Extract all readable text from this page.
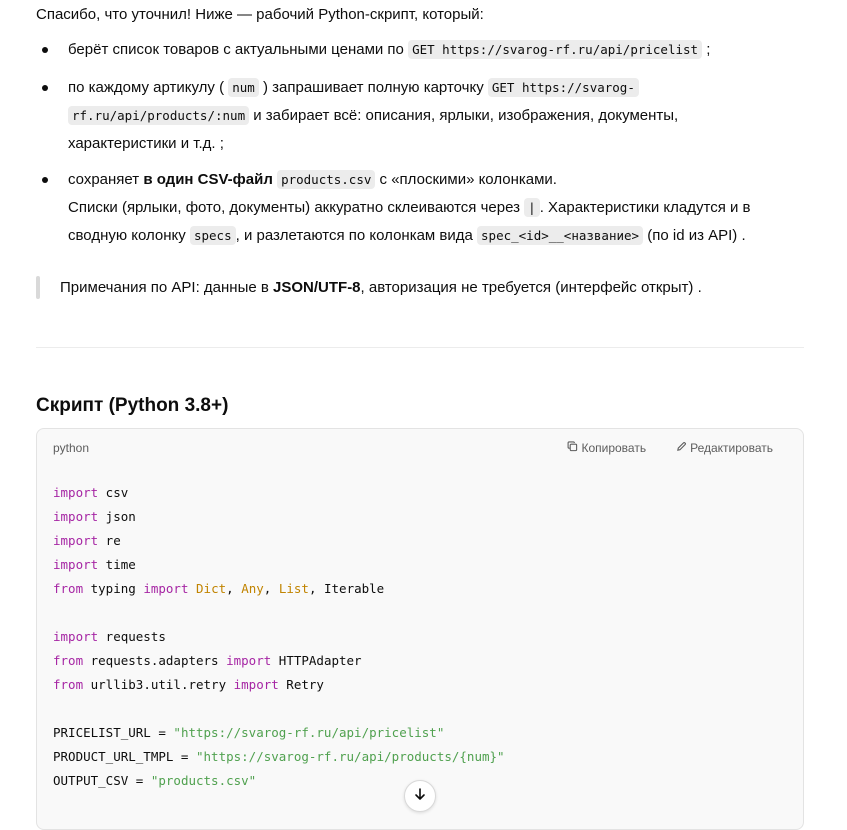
Спасибо, что уточнил! Ниже — рабочий Python-скрипт, который:
берёт список товаров с актуальными ценами по GET https://svarog-rf.ru/api/pricelist ;
по каждому артикулу ( num ) запрашивает полную карточку GET https://svarog-
rf.ru/api/products/:num и забирает всё: описания, ярлыки, изображения, документы,
характеристики и т.д. ;
сохраняет в один CSV-файл products.csv с «плоскими» колонками.
Списки (ярлыки, фото, документы) аккуратно склеиваются через | . Характеристики кладутся и в
сводную колонку specs , и разлетаются по колонкам вида spec_<id>__<название> (по id из API) .
Примечания по API: данные в JSON/UTF-8, авторизация не требуется (интерфейс открыт) .
Скрипт (Python 3.8+)
python	Копировать	Редактировать
import csv
import json
import re
import time
from typing import Dict, Any, List, Iterable

import requests
from requests.adapters import HTTPAdapter
from urllib3.util.retry import Retry

PRICELIST_URL = "https://svarog-rf.ru/api/pricelist"
PRODUCT_URL_TMPL = "https://svarog-rf.ru/api/products/{num}"
OUTPUT_CSV = "products.csv"
